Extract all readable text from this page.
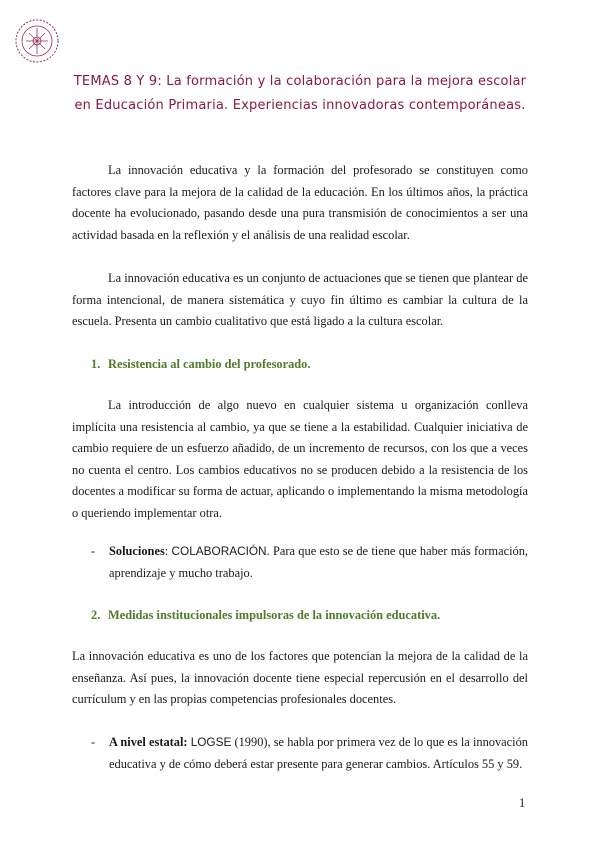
TEMAS 8 Y 9: La formación y la colaboración para la mejora escolar en Educación Primaria. Experiencias innovadoras contemporáneas.

La innovación educativa y la formación del profesorado se constituyen como factores clave para la mejora de la calidad de la educación. En los últimos años, la práctica docente ha evolucionado, pasando desde una pura transmisión de conocimientos a ser una actividad basada en la reflexión y el análisis de una realidad escolar.

La innovación educativa es un conjunto de actuaciones que se tienen que plantear de forma intencional, de manera sistemática y cuyo fin último es cambiar la cultura de la escuela. Presenta un cambio cualitativo que está ligado a la cultura escolar.

1. Resistencia al cambio del profesorado.

La introducción de algo nuevo en cualquier sistema u organización conlleva implícita una resistencia al cambio, ya que se tiene a la estabilidad. Cualquier iniciativa de cambio requiere de un esfuerzo añadido, de un incremento de recursos, con los que a veces no cuenta el centro. Los cambios educativos no se producen debido a la resistencia de los docentes a modificar su forma de actuar, aplicando o implementando la misma metodología o queriendo implementar otra.

- Soluciones: COLABORACIÓN. Para que esto se de tiene que haber más formación, aprendizaje y mucho trabajo.
2. Medidas institucionales impulsoras de la innovación educativa.

La innovación educativa es uno de los factores que potencian la mejora de la calidad de la enseñanza. Así pues, la innovación docente tiene especial repercusión en el desarrollo del currículum y en las propias competencias profesionales docentes.

- A nivel estatal: LOGSE (1990), se habla por primera vez de lo que es la innovación educativa y de cómo deberá estar presente para generar cambios. Artículos 55 y 59.
1
